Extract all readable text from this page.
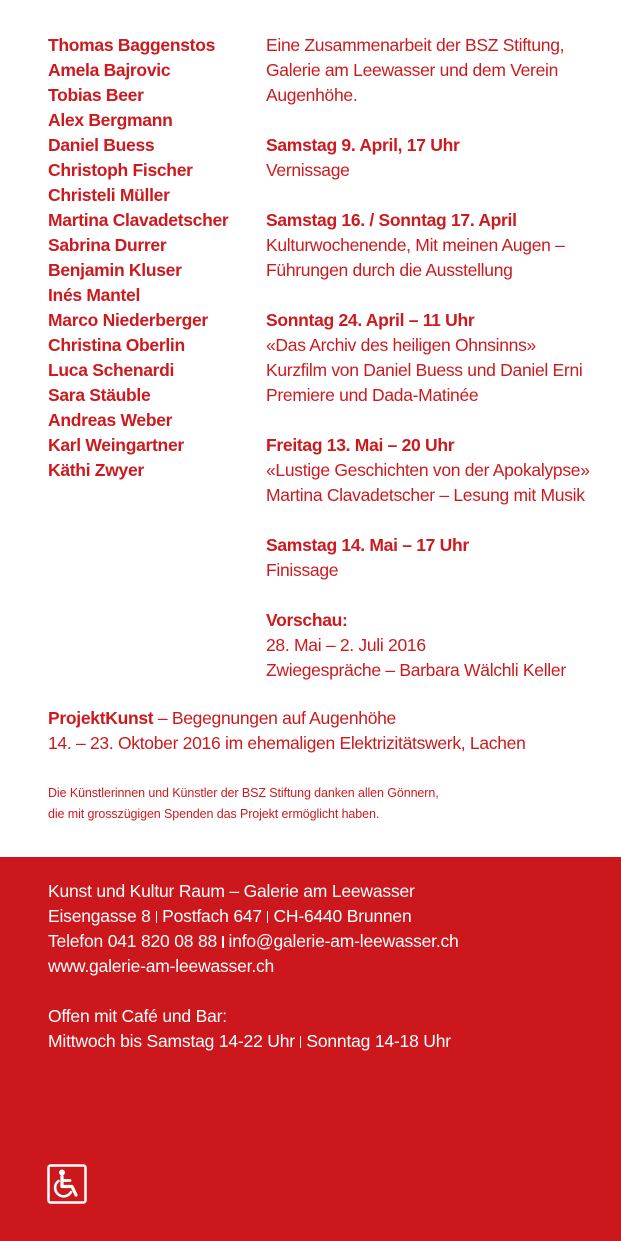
Thomas Baggenstos
Amela Bajrovic
Tobias Beer
Alex Bergmann
Daniel Buess
Christoph Fischer
Christeli Müller
Martina Clavadetscher
Sabrina Durrer
Benjamin Kluser
Inés Mantel
Marco Niederberger
Christina Oberlin
Luca Schenardi
Sara Stäuble
Andreas Weber
Karl Weingartner
Käthi Zwyer
Eine Zusammenarbeit der BSZ Stiftung,
Galerie am Leewasser und dem Verein
Augenhöhe.
Samstag 9. April, 17 Uhr
Vernissage
Samstag 16. / Sonntag 17. April
Kulturwochenende, Mit meinen Augen –
Führungen durch die Ausstellung
Sonntag 24. April – 11 Uhr
«Das Archiv des heiligen Ohnsinns»
Kurzfilm von Daniel Buess und Daniel Erni
Premiere und Dada-Matinée
Freitag 13. Mai – 20 Uhr
«Lustige Geschichten von der Apokalypse»
Martina Clavadetscher – Lesung mit Musik
Samstag 14. Mai – 17 Uhr
Finissage
Vorschau:
28. Mai – 2. Juli 2016
Zwiegespräche – Barbara Wälchli Keller
ProjektKunst – Begegnungen auf Augenhöhe
14. – 23. Oktober 2016 im ehemaligen Elektrizitätswerk, Lachen
Die Künstlerinnen und Künstler der BSZ Stiftung danken allen Gönnern,
die mit grosszügigen Spenden das Projekt ermöglicht haben.
Kunst und Kultur Raum – Galerie am Leewasser
Eisengasse 8 Postfach 647 CH-6440 Brunnen
Telefon 041 820 08 88 info@galerie-am-leewasser.ch
www.galerie-am-leewasser.ch
Offen mit Café und Bar:
Mittwoch bis Samstag 14-22 Uhr Sonntag 14-18 Uhr
